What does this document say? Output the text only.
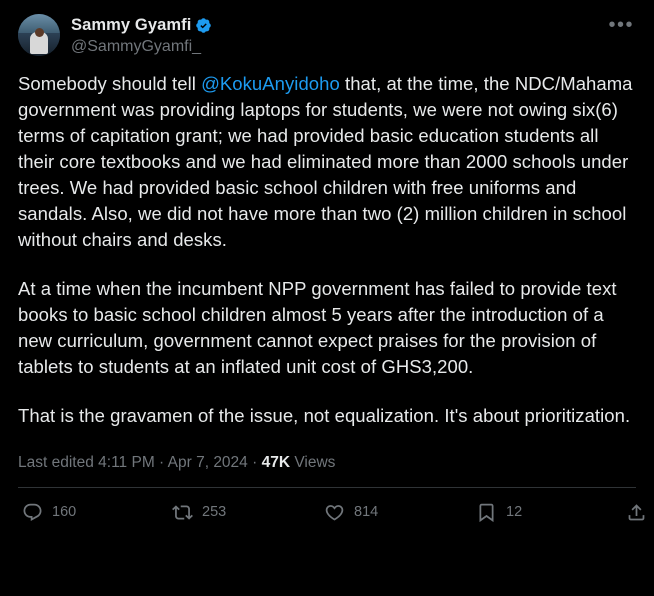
Sammy Gyamfi
@SammyGyamfi_
•••

Somebody should tell @KokuAnyidoho that, at the time, the NDC/Mahama government was providing laptops for students, we were not owing six(6) terms of capitation grant; we had provided basic education students all their core textbooks and we had eliminated more than 2000 schools under trees. We had provided basic school children with free uniforms and sandals. Also, we did not have more than two (2) million children in school without chairs and desks.

At a time when the incumbent NPP government has failed to provide text books to basic school children almost 5 years after the introduction of a new curriculum, government cannot expect praises for the provision of tablets to students at an inflated unit cost of GHS3,200.

That is the gravamen of the issue, not equalization. It's about prioritization.

Last edited 4:11 PM · Apr 7, 2024 · 47K Views
160	253	814	12
